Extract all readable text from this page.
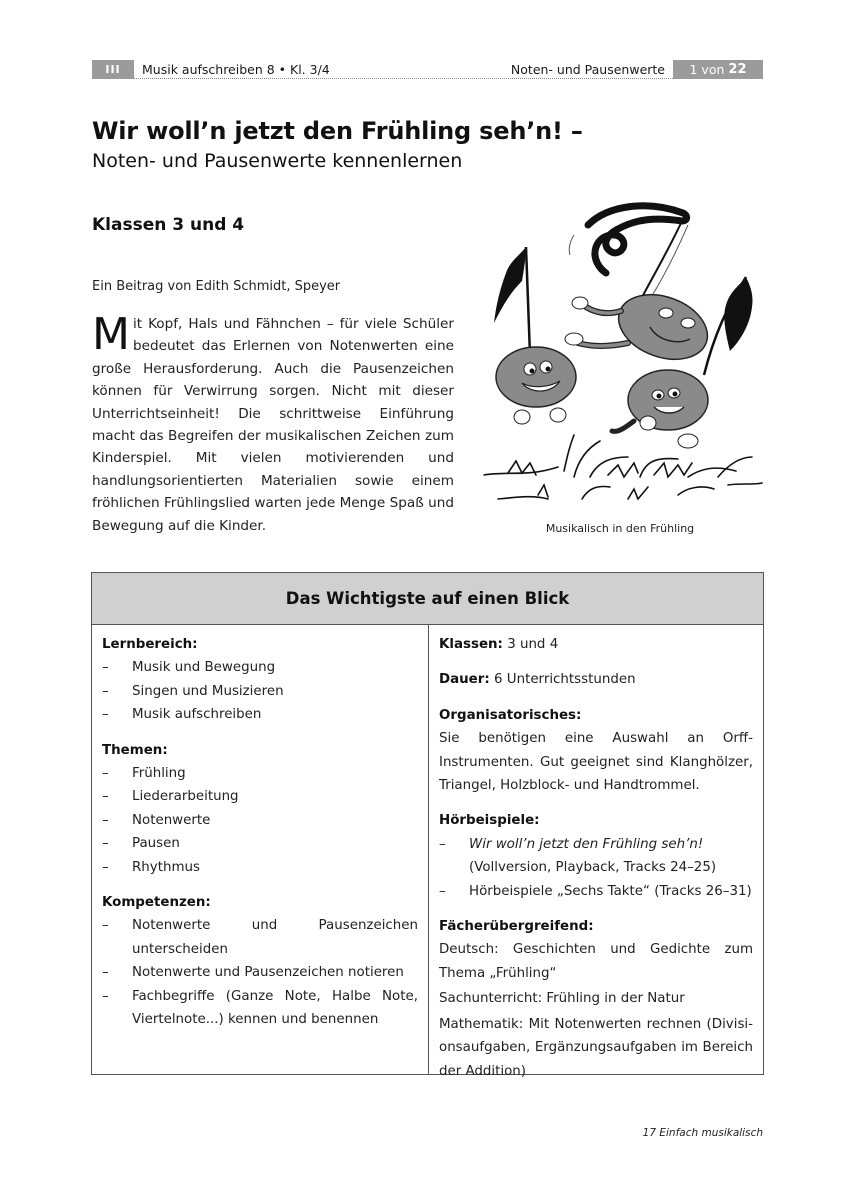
III	Musik aufschreiben 8 • Kl. 3/4	Noten- und Pausenwerte 1 von 22
Wir woll’n jetzt den Frühling seh’n! –
Noten- und Pausenwerte kennenlernen
Klassen 3 und 4
Ein Beitrag von Edith Schmidt, Speyer
Mit Kopf, Hals und Fähnchen – für viele Schüler bedeutet das Erlernen von Notenwerten eine große Herausforderung. Auch die Pausenzeichen können für Verwirrung sorgen. Nicht mit dieser Unterrichtseinheit! Die schrittweise Einführung macht das Begreifen der musikalischen Zeichen zum Kinderspiel. Mit vielen motivierenden und handlungsorientierten Materialien sowie einem fröhlichen Frühlingslied warten jede Menge Spaß und Bewegung auf die Kinder.	Musikalisch in den Frühling
Das Wichtigste auf einen Blick
Lernbereich:
–	Musik und Bewegung
–	Singen und Musizieren
–	Musik aufschreiben
Themen:
–	Frühling
–	Liederarbeitung
–	Notenwerte
–	Pausen
–	Rhythmus
Kompetenzen:
–	Notenwerte und Pausenzeichen unterscheiden
–	Notenwerte und Pausenzeichen notieren
–	Fachbegriffe (Ganze Note, Halbe Note, Viertelnote...) kennen und benennen
Klassen: 3 und 4
Dauer: 6 Unterrichtsstunden
Organisatorisches:
Sie benötigen eine Auswahl an Orff-Instrumenten. Gut geeignet sind Klanghölzer, Triangel, Holzblock- und Handtrommel.
Hörbeispiele:
–	Wir woll’n jetzt den Frühling seh’n!
(Vollversion, Playback, Tracks 24–25)
–	Hörbeispiele „Sechs Takte“ (Tracks 26–31)
Fächerübergreifend:
Deutsch: Geschichten und Gedichte zum Thema „Frühling“
Sachunterricht: Frühling in der Natur
Mathematik: Mit Notenwerten rechnen (Divisionsaufgaben, Ergänzungsaufgaben im Bereich der Addition)
17 Einfach musikalisch
